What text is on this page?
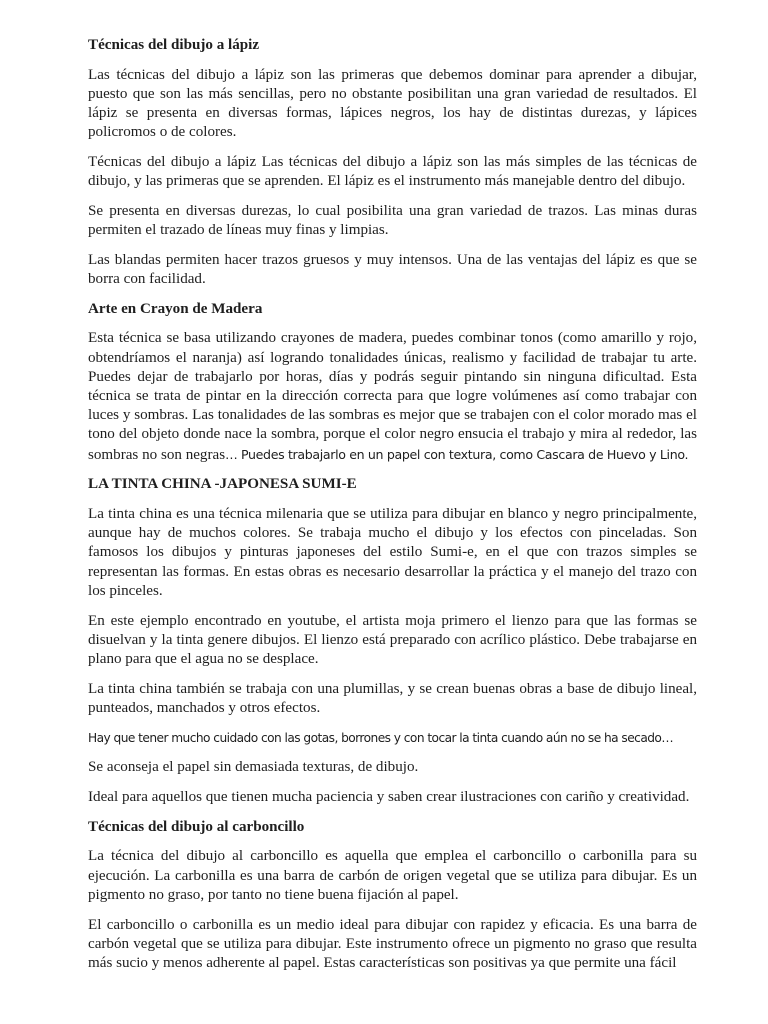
Técnicas del dibujo a lápiz

Las técnicas del dibujo a lápiz son las primeras que debemos dominar para aprender a dibujar, puesto que son las más sencillas, pero no obstante posibilitan una gran variedad de resultados. El lápiz se presenta en diversas formas, lápices negros, los hay de distintas durezas, y lápices policromos o de colores.

Técnicas del dibujo a lápiz Las técnicas del dibujo a lápiz son las más simples de las técnicas de dibujo, y las primeras que se aprenden. El lápiz es el instrumento más manejable dentro del dibujo.

Se presenta en diversas durezas, lo cual posibilita una gran variedad de trazos. Las minas duras permiten el trazado de líneas muy finas y limpias.

Las blandas permiten hacer trazos gruesos y muy intensos. Una de las ventajas del lápiz es que se borra con facilidad.

Arte en Crayon de Madera

Esta técnica se basa utilizando crayones de madera, puedes combinar tonos (como amarillo y rojo, obtendríamos el naranja) así logrando tonalidades únicas, realismo y facilidad de trabajar tu arte. Puedes dejar de trabajarlo por horas, días y podrás seguir pintando sin ninguna dificultad. Esta técnica se trata de pintar en la dirección correcta para que logre volúmenes así como trabajar con luces y sombras. Las tonalidades de las sombras es mejor que se trabajen con el color morado mas el tono del objeto donde nace la sombra, porque el color negro ensucia el trabajo y mira al rededor, las sombras no son negras… Puedes trabajarlo en un papel con textura, como Cascara de Huevo y Lino.

LA TINTA CHINA -JAPONESA SUMI-E

La tinta china es una técnica milenaria que se utiliza para dibujar en blanco y negro principalmente, aunque hay de muchos colores. Se trabaja mucho el dibujo y los efectos con pinceladas. Son famosos los dibujos y pinturas japoneses del estilo Sumi-e, en el que con trazos simples se representan las formas. En estas obras es necesario desarrollar la práctica y el manejo del trazo con los pinceles.

En este ejemplo encontrado en youtube, el artista moja primero el lienzo para que las formas se disuelvan y la tinta genere dibujos. El lienzo está preparado con acrílico plástico. Debe trabajarse en plano para que el agua no se desplace.

La tinta china también se trabaja con una plumillas, y se crean buenas obras a base de dibujo lineal, punteados, manchados y otros efectos.

Hay que tener mucho cuidado con las gotas, borrones y con tocar la tinta cuando aún no se ha secado…

Se aconseja el papel sin demasiada texturas, de dibujo.

Ideal para aquellos que tienen mucha paciencia y saben crear ilustraciones con cariño y creatividad.

Técnicas del dibujo al carboncillo

La técnica del dibujo al carboncillo es aquella que emplea el carboncillo o carbonilla para su ejecución. La carbonilla es una barra de carbón de origen vegetal que se utiliza para dibujar. Es un pigmento no graso, por tanto no tiene buena fijación al papel.

El carboncillo o carbonilla es un medio ideal para dibujar con rapidez y eficacia. Es una barra de carbón vegetal que se utiliza para dibujar. Este instrumento ofrece un pigmento no graso que resulta más sucio y menos adherente al papel. Estas características son positivas ya que permite una fácil
